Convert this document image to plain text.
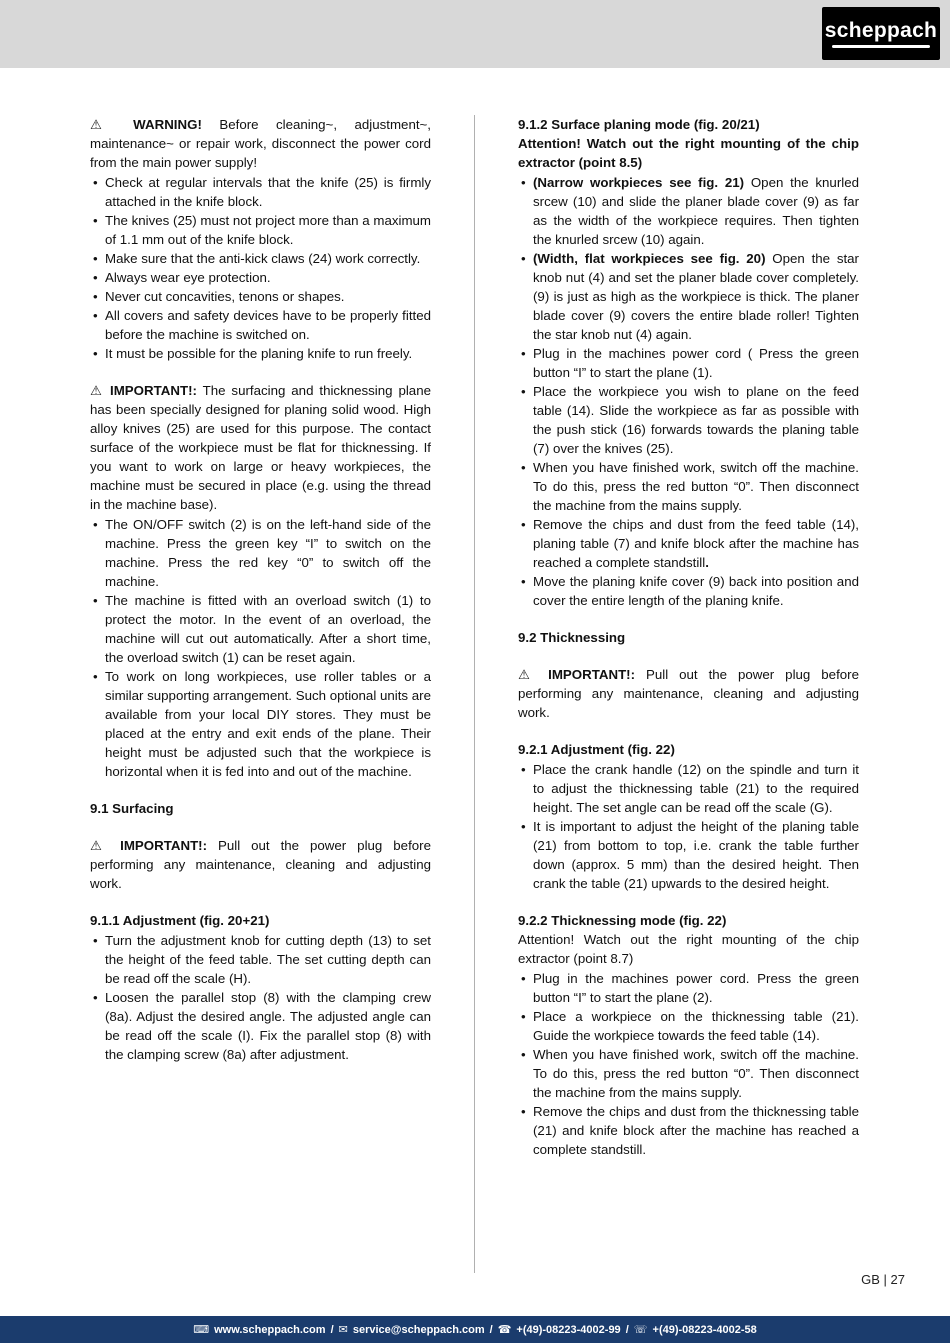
scheppach

⚠ WARNING! Before cleaning~, adjustment~, maintenance~ or repair work, disconnect the power cord from the main power supply!

• Check at regular intervals that the knife (25) is firmly attached in the knife block.
• The knives (25) must not project more than a maximum of 1.1 mm out of the knife block.
• Make sure that the anti-kick claws (24) work correctly.
• Always wear eye protection.
• Never cut concavities, tenons or shapes.
• All covers and safety devices have to be properly fitted before the machine is switched on.
• It must be possible for the planing knife to run freely.

⚠ IMPORTANT!: The surfacing and thicknessing plane has been specially designed for planing solid wood. High alloy knives (25) are used for this purpose. The contact surface of the workpiece must be flat for thicknessing. If you want to work on large or heavy workpieces, the machine must be secured in place (e.g. using the thread in the machine base).

• The ON/OFF switch (2) is on the left-hand side of the machine. Press the green key “I” to switch on the machine. Press the red key “0” to switch off the machine.
• The machine is fitted with an overload switch (1) to protect the motor. In the event of an overload, the machine will cut out automatically. After a short time, the overload switch (1) can be reset again.
• To work on long workpieces, use roller tables or a similar supporting arrangement. Such optional units are available from your local DIY stores. They must be placed at the entry and exit ends of the plane. Their height must be adjusted such that the workpiece is horizontal when it is fed into and out of the machine.

9.1 Surfacing

⚠ IMPORTANT!: Pull out the power plug before performing any maintenance, cleaning and adjusting work.

9.1.1 Adjustment (fig. 20+21)

• Turn the adjustment knob for cutting depth (13) to set the height of the feed table. The set cutting depth can be read off the scale (H).
• Loosen the parallel stop (8) with the clamping crew (8a). Adjust the desired angle. The adjusted angle can be read off the scale (I). Fix the parallel stop (8) with the clamping screw (8a) after adjustment.

9.1.2 Surface planing mode (fig. 20/21)

Attention! Watch out the right mounting of the chip extractor (point 8.5)

• (Narrow workpieces see fig. 21) Open the knurled srcew (10) and slide the planer blade cover (9) as far as the width of the workpiece requires. Then tighten the knurled srcew (10) again.
• (Width, flat workpieces see fig. 20) Open the star knob nut (4) and set the planer blade cover completely. (9) is just as high as the workpiece is thick. The planer blade cover (9) covers the entire blade roller! Tighten the star knob nut (4) again.
• Plug in the machines power cord ( Press the green button “I” to start the plane (1).
• Place the workpiece you wish to plane on the feed table (14). Slide the workpiece as far as possible with the push stick (16) forwards towards the planing table (7) over the knives (25).
• When you have finished work, switch off the machine. To do this, press the red button “0”. Then disconnect the machine from the mains supply.
• Remove the chips and dust from the feed table (14), planing table (7) and knife block after the machine has reached a complete standstill.
• Move the planing knife cover (9) back into position and cover the entire length of the planing knife.

9.2 Thicknessing

⚠ IMPORTANT!: Pull out the power plug before performing any maintenance, cleaning and adjusting work.

9.2.1 Adjustment (fig. 22)

• Place the crank handle (12) on the spindle and turn it to adjust the thicknessing table (21) to the required height. The set angle can be read off the scale (G).
• It is important to adjust the height of the planing table (21) from bottom to top, i.e. crank the table further down (approx. 5 mm) than the desired height. Then crank the table (21) upwards to the desired height.

9.2.2 Thicknessing mode (fig. 22)

Attention! Watch out the right mounting of the chip extractor (point 8.7)

• Plug in the machines power cord. Press the green button “I” to start the plane (2).
• Place a workpiece on the thicknessing table (21). Guide the workpiece towards the feed table (14).
• When you have finished work, switch off the machine. To do this, press the red button “0”. Then disconnect the machine from the mains supply.
• Remove the chips and dust from the thicknessing table (21) and knife block after the machine has reached a complete standstill.
GB | 27
⌨ www.scheppach.com / ✉ service@scheppach.com / ☎ +(49)-08223-4002-99 / ☏ +(49)-08223-4002-58
